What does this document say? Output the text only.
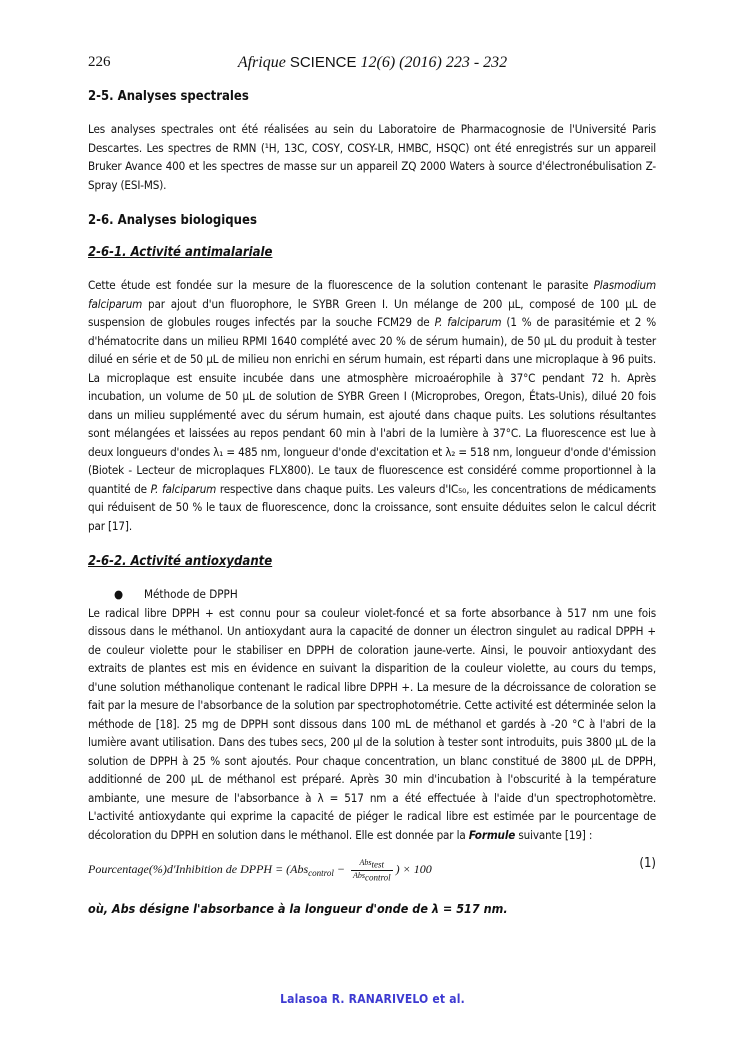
226	Afrique SCIENCE 12(6) (2016) 223 - 232
2-5. Analyses spectrales

Les analyses spectrales ont été réalisées au sein du Laboratoire de Pharmacognosie de l'Université Paris Descartes. Les spectres de RMN (¹H, 13C, COSY, COSY-LR, HMBC, HSQC) ont été enregistrés sur un appareil Bruker Avance 400 et les spectres de masse sur un appareil ZQ 2000 Waters à source d'électronébulisation Z-Spray (ESI-MS).

2-6. Analyses biologiques
2-6-1. Activité antimalariale

Cette étude est fondée sur la mesure de la fluorescence de la solution contenant le parasite Plasmodium falciparum par ajout d'un fluorophore, le SYBR Green I. Un mélange de 200 µL, composé de 100 µL de suspension de globules rouges infectés par la souche FCM29 de P. falciparum (1 % de parasitémie et 2 % d'hématocrite dans un milieu RPMI 1640 complété avec 20 % de sérum humain), de 50 µL du produit à tester dilué en série et de 50 µL de milieu non enrichi en sérum humain, est réparti dans une microplaque à 96 puits. La microplaque est ensuite incubée dans une atmosphère microaérophile à 37°C pendant 72 h. Après incubation, un volume de 50 µL de solution de SYBR Green I (Microprobes, Oregon, États-Unis), dilué 20 fois dans un milieu supplémenté avec du sérum humain, est ajouté dans chaque puits. Les solutions résultantes sont mélangées et laissées au repos pendant 60 min à l'abri de la lumière à 37°C. La fluorescence est lue à deux longueurs d'ondes λ₁ = 485 nm, longueur d'onde d'excitation et λ₂ = 518 nm, longueur d'onde d'émission (Biotek - Lecteur de microplaques FLX800). Le taux de fluorescence est considéré comme proportionnel à la quantité de P. falciparum respective dans chaque puits. Les valeurs d'IC₅₀, les concentrations de médicaments qui réduisent de 50 % le taux de fluorescence, donc la croissance, sont ensuite déduites selon le calcul décrit par [17].

2-6-2. Activité antioxydante
● Méthode de DPPH

Le radical libre DPPH + est connu pour sa couleur violet-foncé et sa forte absorbance à 517 nm une fois dissous dans le méthanol. Un antioxydant aura la capacité de donner un électron singulet au radical DPPH + de couleur violette pour le stabiliser en DPPH de coloration jaune-verte. Ainsi, le pouvoir antioxydant des extraits de plantes est mis en évidence en suivant la disparition de la couleur violette, au cours du temps, d'une solution méthanolique contenant le radical libre DPPH +. La mesure de la décroissance de coloration se fait par la mesure de l'absorbance de la solution par spectrophotométrie. Cette activité est déterminée selon la méthode de [18]. 25 mg de DPPH sont dissous dans 100 mL de méthanol et gardés à -20 °C à l'abri de la lumière avant utilisation. Dans des tubes secs, 200 µl de la solution à tester sont introduits, puis 3800 µL de la solution de DPPH à 25 % sont ajoutés. Pour chaque concentration, un blanc constitué de 3800 µL de DPPH, additionné de 200 µL de méthanol est préparé. Après 30 min d'incubation à l'obscurité à la température ambiante, une mesure de l'absorbance à λ = 517 nm a été effectuée à l'aide d'un spectrophotomètre. L'activité antioxydante qui exprime la capacité de piéger le radical libre est estimée par le pourcentage de décoloration du DPPH en solution dans le méthanol. Elle est donnée par la Formule suivante [19] :

Pourcentage(%)d'Inhibition de DPPH = ($Abs_{control} - \frac{Abs_{test}}{Abs_{control}}$ ) × 100	(1)
où, Abs désigne l'absorbance à la longueur d'onde de λ = 517 nm.
Lalasoa R. RANARIVELO et al.
